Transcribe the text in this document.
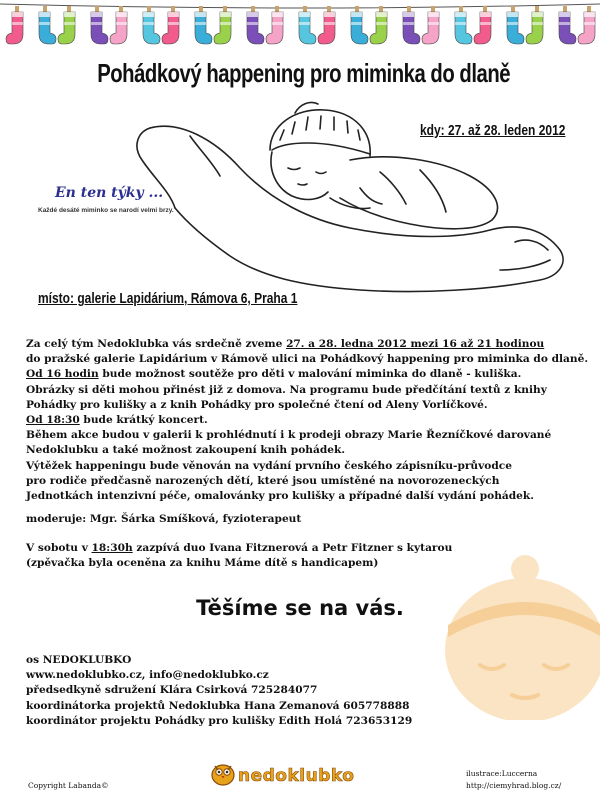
Pohádkový happening pro miminka do dlaně
kdy: 27. až 28. leden 2012
En ten týky ...
Každé desáté miminko se narodí velmi brzy.
místo: galerie Lapidárium, Rámova 6, Praha 1

Za celý tým Nedoklubka vás srdečně zveme 27. a 28. ledna 2012 mezi 16 až 21 hodinou

do pražské galerie Lapidárium v Rámově ulici na Pohádkový happening pro miminka do dlaně.

Od 16 hodin bude možnost soutěže pro děti v malování miminka do dlaně - kuliška.

Obrázky si děti mohou přinést již z domova. Na programu bude předčítání textů z knihy

Pohádky pro kulišky a z knih Pohádky pro společné čtení od Aleny Vorlíčkové.

Od 18:30 bude krátký koncert.

Během akce budou v galerii k prohlédnutí i k prodeji obrazy Marie Řezníčkové darované

Nedoklubku a také možnost zakoupení knih pohádek.

Výtěžek happeningu bude věnován na vydání prvního českého zápisníku-průvodce

pro rodiče předčasně narozených dětí, které jsou umístěné na novorozeneckých

Jednotkách intenzivní péče, omalovánky pro kulišky a případné další vydání pohádek.

moderuje: Mgr. Šárka Smíšková, fyzioterapeut

V sobotu v 18:30h zazpívá duo Ivana Fitznerová a Petr Fitzner s kytarou

(zpěvačka byla oceněna za knihu Máme dítě s handicapem)

Těšíme se na vás.

os NEDOKLUBKO

www.nedoklubko.cz, info@nedoklubko.cz

předsedkyně sdružení Klára Csirková 725284077

koordinátorka projektů Nedoklubka Hana Zemanová 605778888

koordinátor projektu Pohádky pro kulišky Edith Holá 723653129

Copyright Labanda©	nedoklubko	ilustrace:Luccerna
http://ciemyhrad.blog.cz/
